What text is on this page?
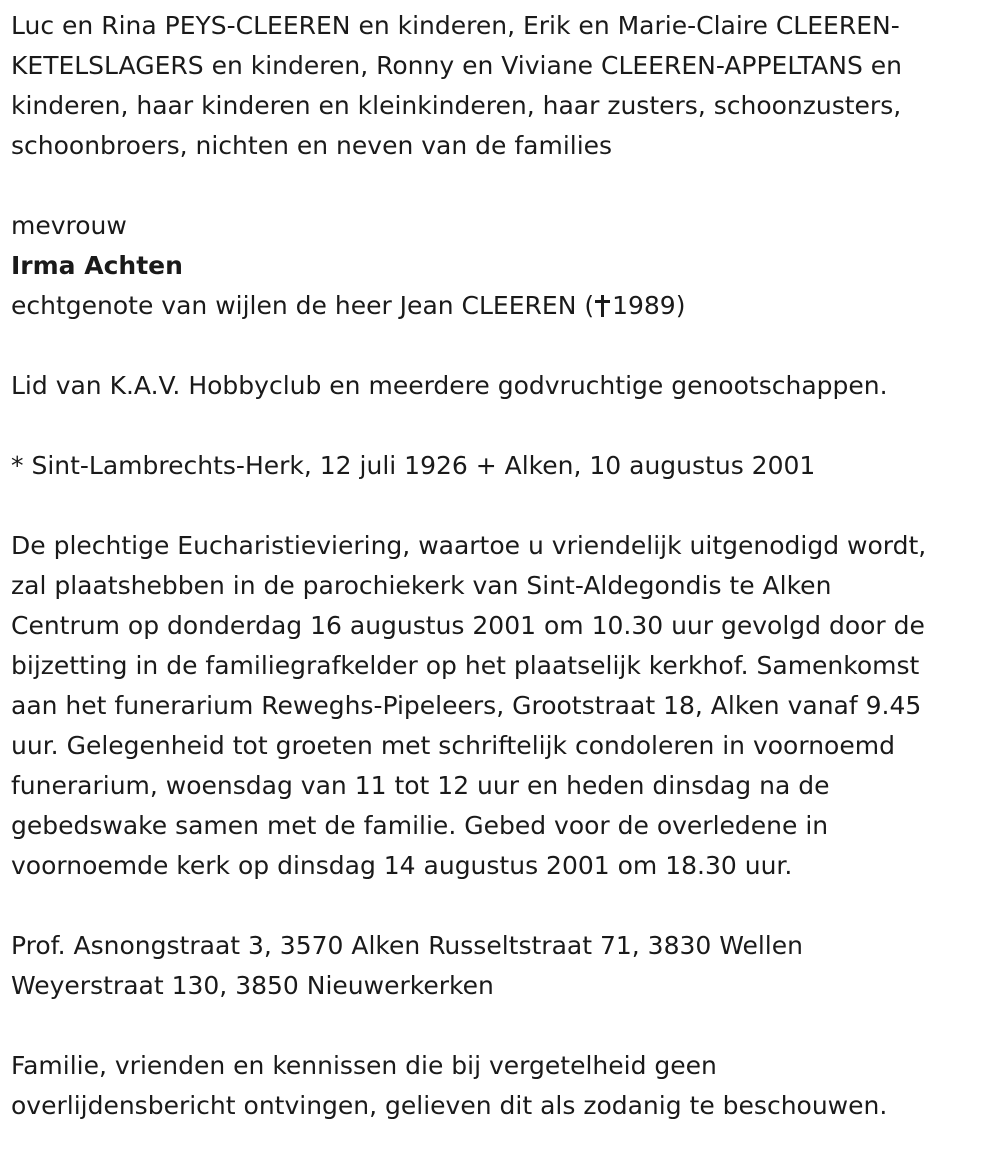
Luc en Rina PEYS-CLEEREN en kinderen, Erik en Marie-Claire CLEEREN-
KETELSLAGERS en kinderen, Ronny en Viviane CLEEREN-APPELTANS en
kinderen, haar kinderen en kleinkinderen, haar zusters, schoonzusters,
schoonbroers, nichten en neven van de families
mevrouw
Irma Achten
echtgenote van wijlen de heer Jean CLEEREN ( 1989)
Lid van K.A.V. Hobbyclub en meerdere godvruchtige genootschappen.
* Sint-Lambrechts-Herk, 12 juli 1926 + Alken, 10 augustus 2001
De plechtige Eucharistieviering, waartoe u vriendelijk uitgenodigd wordt,
zal plaatshebben in de parochiekerk van Sint-Aldegondis te Alken
Centrum op donderdag 16 augustus 2001 om 10.30 uur gevolgd door de
bijzetting in de familiegrafkelder op het plaatselijk kerkhof. Samenkomst
aan het funerarium Reweghs-Pipeleers, Grootstraat 18, Alken vanaf 9.45
uur. Gelegenheid tot groeten met schriftelijk condoleren in voornoemd
funerarium, woensdag van 11 tot 12 uur en heden dinsdag na de
gebedswake samen met de familie. Gebed voor de overledene in
voornoemde kerk op dinsdag 14 augustus 2001 om 18.30 uur.
Prof. Asnongstraat 3, 3570 Alken Russeltstraat 71, 3830 Wellen
Weyerstraat 130, 3850 Nieuwerkerken
Familie, vrienden en kennissen die bij vergetelheid geen
overlijdensbericht ontvingen, gelieven dit als zodanig te beschouwen.
